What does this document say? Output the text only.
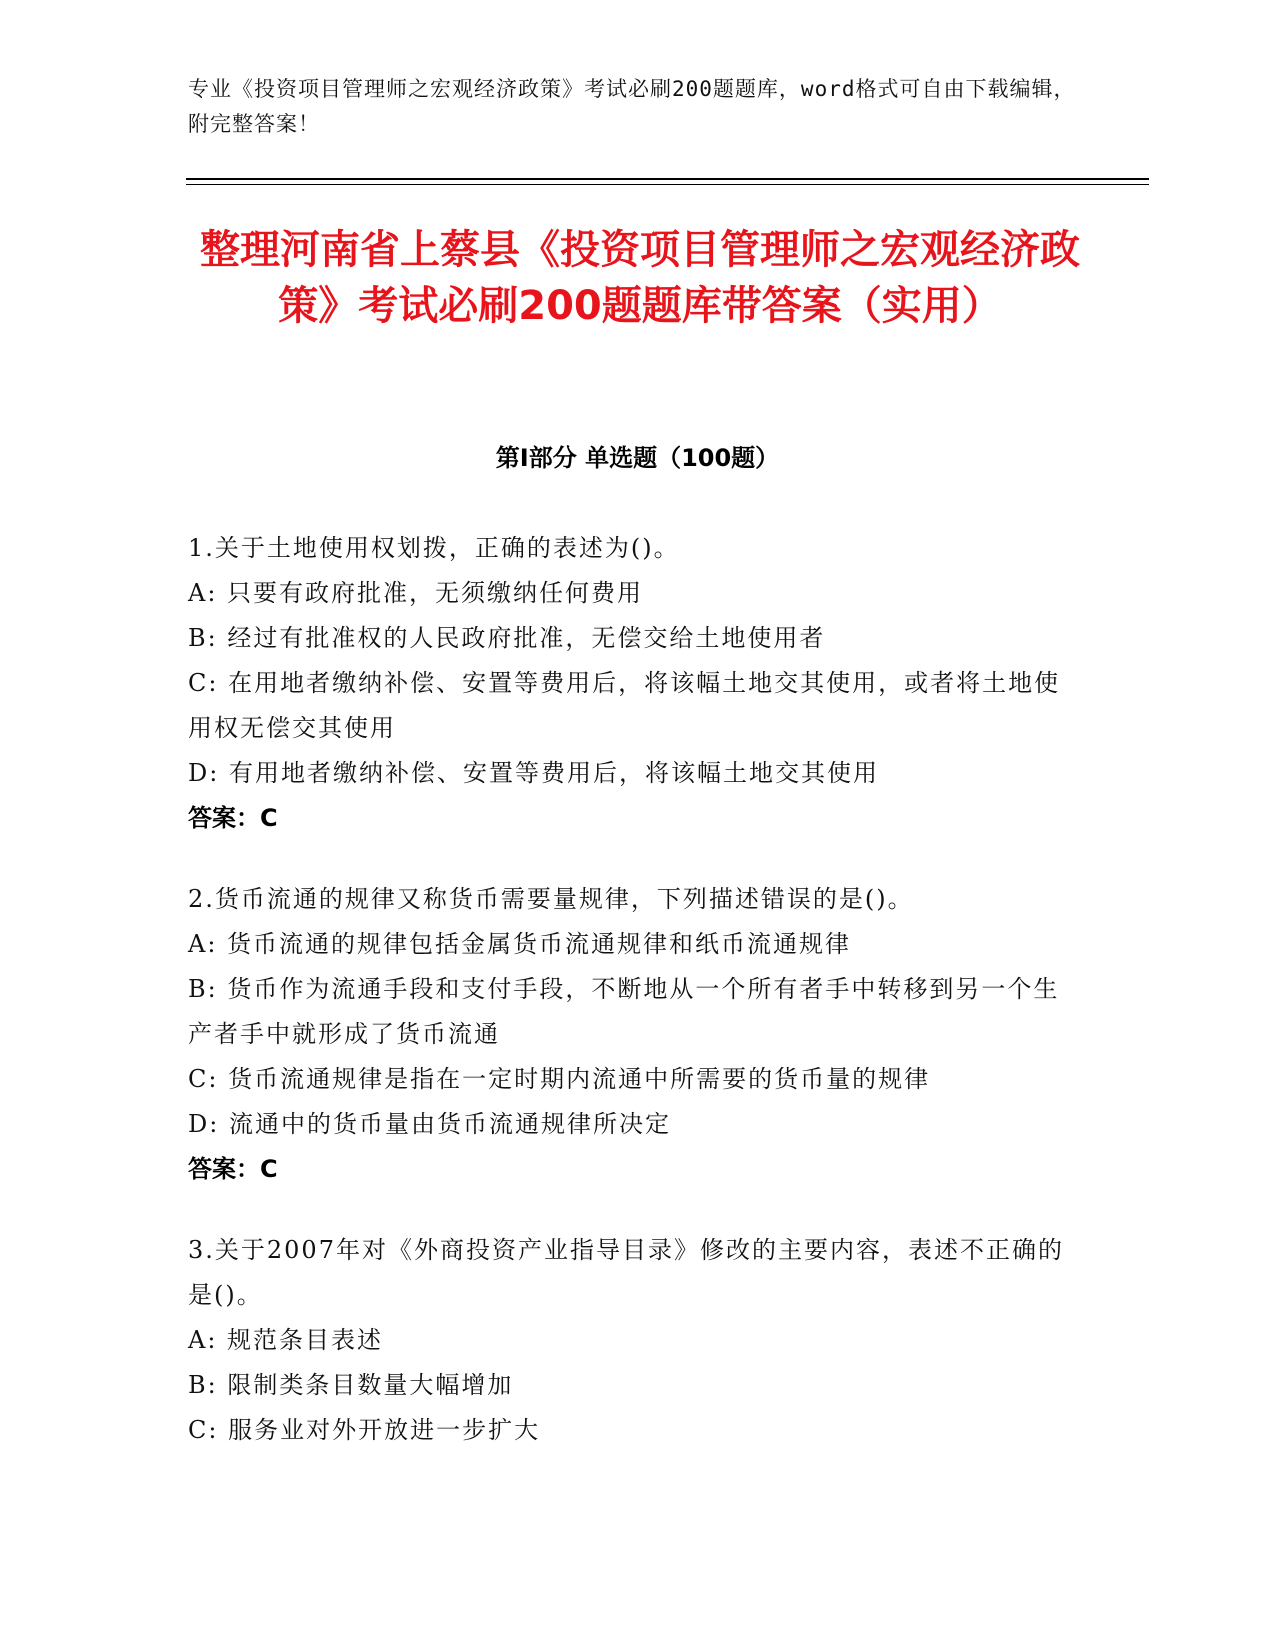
专业《投资项目管理师之宏观经济政策》考试必刷200题题库，word格式可自由下载编辑，附完整答案！
整理河南省上蔡县《投资项目管理师之宏观经济政策》考试必刷200题题库带答案（实用）
第I部分 单选题（100题）
1.关于土地使用权划拨，正确的表述为()。
A: 只要有政府批准，无须缴纳任何费用
B: 经过有批准权的人民政府批准，无偿交给土地使用者
C: 在用地者缴纳补偿、安置等费用后，将该幅土地交其使用，或者将土地使用权无偿交其使用
D: 有用地者缴纳补偿、安置等费用后，将该幅土地交其使用
答案：C
2.货币流通的规律又称货币需要量规律，下列描述错误的是()。
A: 货币流通的规律包括金属货币流通规律和纸币流通规律
B: 货币作为流通手段和支付手段，不断地从一个所有者手中转移到另一个生产者手中就形成了货币流通
C: 货币流通规律是指在一定时期内流通中所需要的货币量的规律
D: 流通中的货币量由货币流通规律所决定
答案：C
3.关于2007年对《外商投资产业指导目录》修改的主要内容，表述不正确的是()。
A: 规范条目表述
B: 限制类条目数量大幅增加
C: 服务业对外开放进一步扩大
